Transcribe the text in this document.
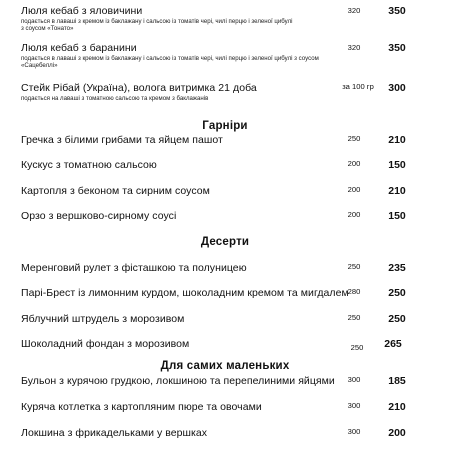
Люля кебаб з яловичини
подається в лаваші з кремом із баклажану і сальсою із томатів чері, чилі перцю і зеленої цибулі
з соусом «Тонато»
320	350
Люля кебаб з баранини
подається в лаваші з кремом із баклажану і сальсою із томатів чері, чилі перцю і зеленої цибулі з соусом
«Сацебеллі»
320	350
Стейк Рібай (Україна), волога витримка 21 доба
подається на лаваші з томатною сальсою та кремом з баклажанів
за 100 гр	300
Гарніри
Гречка з білими грибами та яйцем пашот	250	210
Кускус з томатною сальсою	200	150
Картопля з беконом та сирним соусом	200	210
Орзо з вершково-сирному соусі	200	150
Десерти
Меренговий рулет з фісташкою та полуницею	250	235
Парі-Брест із лимонним курдом, шоколадним кремом та мигдалем
280	250
Яблучний штрудель з морозивом	250	250
Шоколадний фондан з морозивом	250	265
Для самих маленьких
Бульон з курячою грудкою, локшиною та перепелиними яйцями	300	185
Куряча котлетка з картопляним пюре та овочами	300	210
Локшина з фрикадельками у вершках	300	200
